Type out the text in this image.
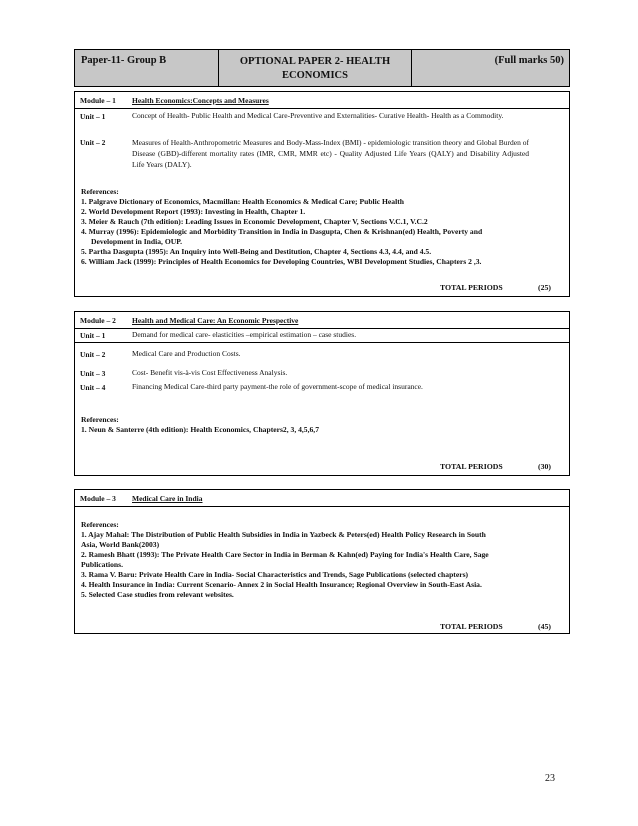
Paper-11- Group B	OPTIONAL PAPER 2- HEALTH ECONOMICS
(Full marks 50)
Module – 1 Health Economics:Concepts and Measures
Unit – 1	Concept of Health- Public Health and Medical Care-Preventive and Externalities- Curative Health- Health as a Commodity.
Unit – 2	Measures of Health-Anthropometric Measures and Body-Mass-Index (BMI) - epidemiologic transition theory and Global Burden of Disease (GBD)-different mortality rates (IMR, CMR, MMR etc) - Quality Adjusted Life Years (QALY) and Disability Adjusted Life Years (DALY).
References:
1. Palgrave Dictionary of Economics, Macmillan: Health Economics & Medical Care; Public Health
2. World Development Report (1993): Investing in Health, Chapter 1.
3. Meier & Rauch (7th edition): Leading Issues in Economic Development, Chapter V, Sections V.C.1, V.C.2
4. Murray (1996): Epidemiologic and Morbidity Transition in India in Dasgupta, Chen & Krishnan(ed) Health, Poverty and
Development in India, OUP.
5. Partha Dasgupta (1995): An Inquiry into Well-Being and Destitution, Chapter 4, Sections 4.3, 4.4, and 4.5.
6. William Jack (1999): Principles of Health Economics for Developing Countries, WBI Development Studies, Chapters 2 ,3.
TOTAL PERIODS	(25)
Module – 2 Health and Medical Care: An Economic Prespective
Unit – 1	Demand for medical care- elasticities –empirical estimation – case studies.
Unit – 2	Medical Care and Production Costs.
Unit – 3	Cost- Benefit vis-à-vis Cost Effectiveness Analysis.
Unit – 4	Financing Medical Care-third party payment-the role of government-scope of medical insurance.
References:
1. Neun & Santerre (4th edition): Health Economics, Chapters2, 3, 4,5,6,7
TOTAL PERIODS	(30)
Module – 3 Medical Care in India
References:
1. Ajay Mahal: The Distribution of Public Health Subsidies in India in Yazbeck & Peters(ed) Health Policy Research in South
Asia, World Bank(2003)
2. Ramesh Bhatt (1993): The Private Health Care Sector in India in Berman & Kahn(ed) Paying for India's Health Care, Sage
Publications.
3. Rama V. Baru: Private Health Care in India- Social Characteristics and Trends, Sage Publications (selected chapters)
4. Health Insurance in India: Current Scenario- Annex 2 in Social Health Insurance; Regional Overview in South-East Asia.
5. Selected Case studies from relevant websites.
TOTAL PERIODS	(45)
23
